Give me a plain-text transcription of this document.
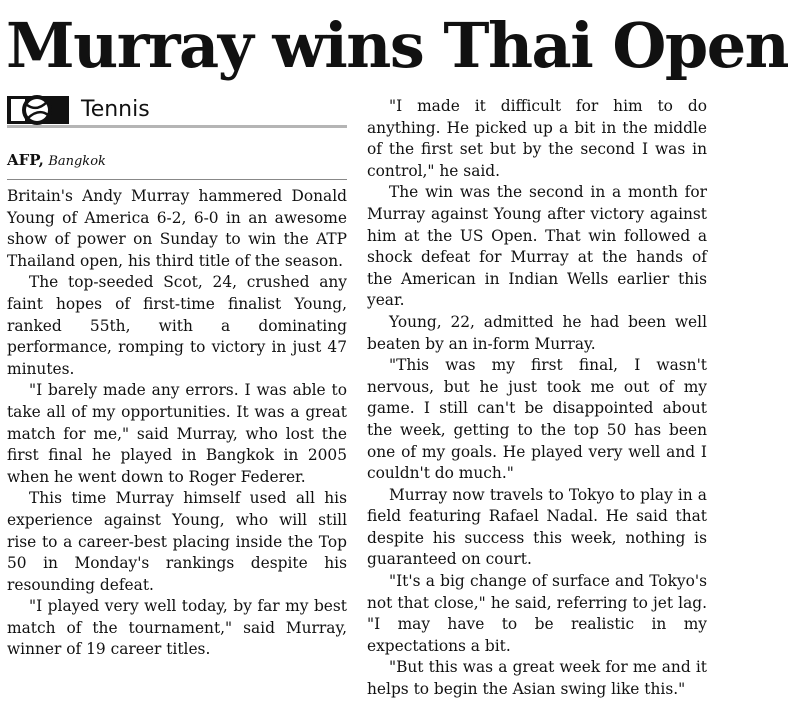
Murray wins Thai Open
Tennis
AFP, Bangkok

Britain's Andy Murray hammered Donald Young of America 6-2, 6-0 in an awesome show of power on Sunday to win the ATP Thailand open, his third title of the season.

The top-seeded Scot, 24, crushed any faint hopes of first-time finalist Young, ranked 55th, with a dominating performance, romping to victory in just 47 minutes.

"I barely made any errors. I was able to take all of my opportunities. It was a great match for me," said Murray, who lost the first final he played in Bangkok in 2005 when he went down to Roger Federer.

This time Murray himself used all his experience against Young, who will still rise to a career-best placing inside the Top 50 in Monday's rankings despite his resounding defeat.

"I played very well today, by far my best match of the tournament," said Murray, winner of 19 career titles.

"I made it difficult for him to do anything. He picked up a bit in the middle of the first set but by the second I was in control," he said.

The win was the second in a month for Murray against Young after victory against him at the US Open. That win followed a shock defeat for Murray at the hands of the American in Indian Wells earlier this year.

Young, 22, admitted he had been well beaten by an in-form Murray.

"This was my first final, I wasn't nervous, but he just took me out of my game. I still can't be disappointed about the week, getting to the top 50 has been one of my goals. He played very well and I couldn't do much."

Murray now travels to Tokyo to play in a field featuring Rafael Nadal. He said that despite his success this week, nothing is guaranteed on court.

"It's a big change of surface and Tokyo's not that close," he said, referring to jet lag. "I may have to be realistic in my expectations a bit.

"But this was a great week for me and it helps to begin the Asian swing like this."
